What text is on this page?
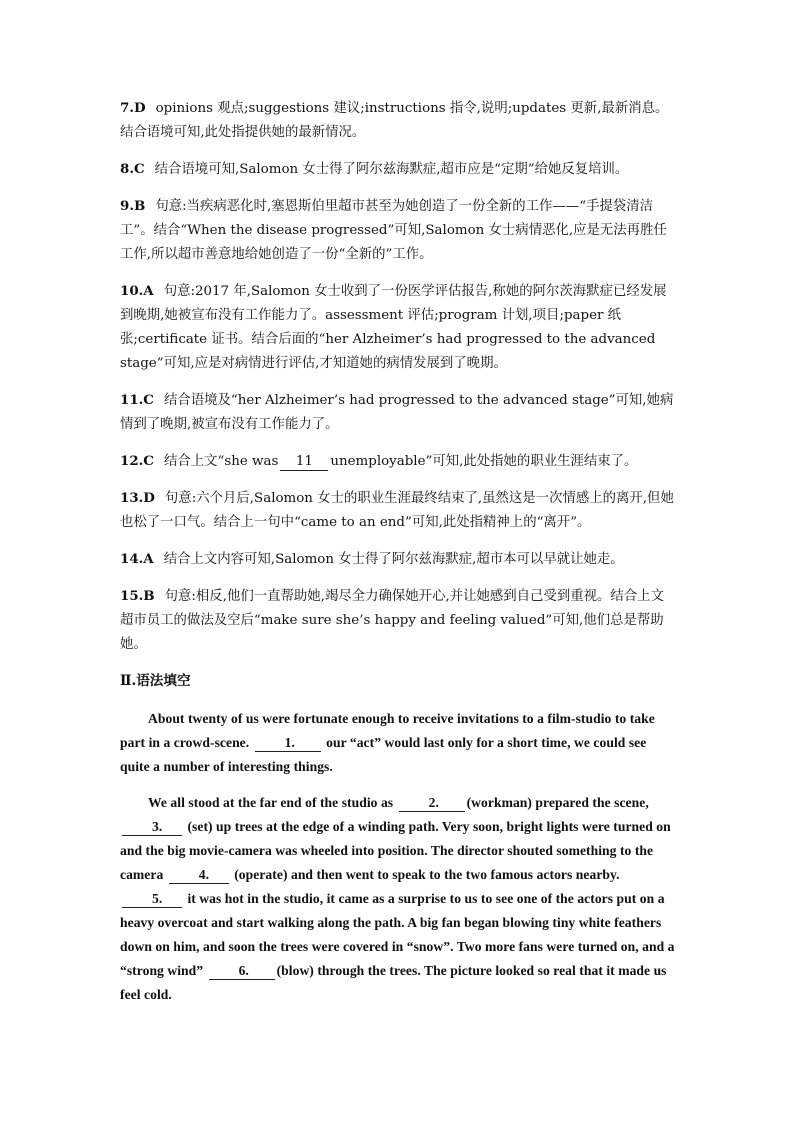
7.D opinions 观点;suggestions 建议;instructions 指令,说明;updates 更新,最新消息。结合语境可知,此处指提供她的最新情况。

8.C 结合语境可知,Salomon 女士得了阿尔兹海默症,超市应是“定期”给她反复培训。

9.B 句意:当疾病恶化时,塞恩斯伯里超市甚至为她创造了一份全新的工作——“手提袋清洁工”。结合“When the disease progressed”可知,Salomon 女士病情恶化,应是无法再胜任工作,所以超市善意地给她创造了一份“全新的”工作。

10.A 句意:2017 年,Salomon 女士收到了一份医学评估报告,称她的阿尔茨海默症已经发展到晚期,她被宣布没有工作能力了。assessment 评估;program 计划,项目;paper 纸张;certificate 证书。结合后面的“her Alzheimer’s had progressed to the advanced stage”可知,应是对病情进行评估,才知道她的病情发展到了晚期。

11.C 结合语境及“her Alzheimer’s had progressed to the advanced stage”可知,她病情到了晚期,被宣布没有工作能力了。

12.C 结合上文“she was 11 unemployable”可知,此处指她的职业生涯结束了。

13.D 句意:六个月后,Salomon 女士的职业生涯最终结束了,虽然这是一次情感上的离开,但她也松了一口气。结合上一句中“came to an end”可知,此处指精神上的“离开”。

14.A 结合上文内容可知,Salomon 女士得了阿尔兹海默症,超市本可以早就让她走。

15.B 句意:相反,他们一直帮助她,竭尽全力确保她开心,并让她感到自己受到重视。结合上文超市员工的做法及空后“make sure she’s happy and feeling valued”可知,他们总是帮助她。

Ⅱ.语法填空

About twenty of us were fortunate enough to receive invitations to a film-studio to take part in a crowd-scene.	1. our “act” would last only for a short time, we could see quite a number of interesting things.

We all stood at the far end of the studio as	2. (workman) prepared the scene, 3. (set) up trees at the edge of a winding path. Very soon, bright lights were turned on and the big movie-camera was wheeled into position. The director shouted something to the camera	4. (operate) and then went to speak to the two famous actors nearby. 5. it was hot in the studio, it came as a surprise to us to see one of the actors put on a heavy overcoat and start walking along the path. A big fan began blowing tiny white feathers down on him, and soon the trees were covered in “snow”. Two more fans were turned on, and a “strong wind”	6. (blow) through the trees. The picture looked so real that it made us feel cold.
